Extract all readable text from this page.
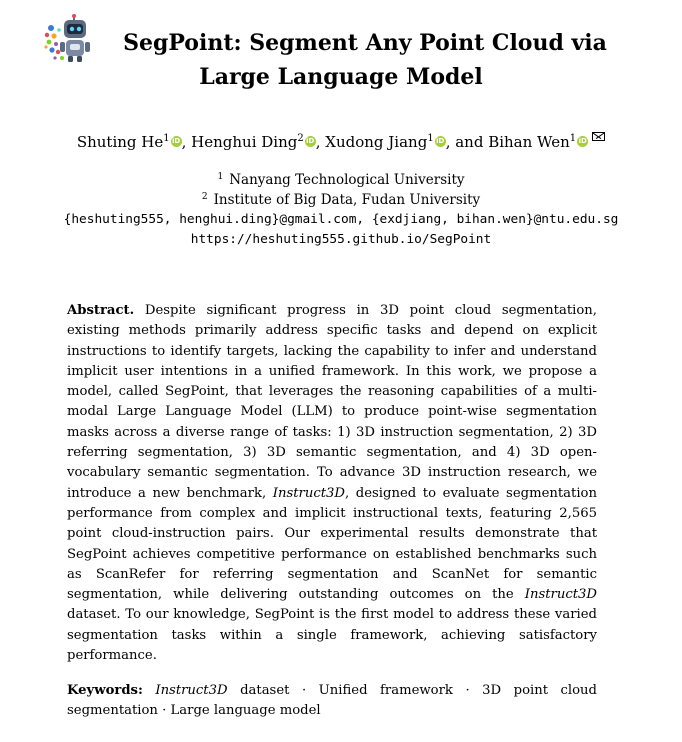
SegPoint: Segment Any Point Cloud via
Large Language Model
Shuting He$^1$ iD, Henghui Ding$^2$ iD, Xudong Jiang$^1$ iD, and Bihan Wen$^1$ iD
$^1$ Nanyang Technological University
$^2$ Institute of Big Data, Fudan University
{heshuting555, henghui.ding}@gmail.com, {exdjiang, bihan.wen}@ntu.edu.sg
https://heshuting555.github.io/SegPoint

Abstract. Despite significant progress in 3D point cloud segmentation, existing methods primarily address specific tasks and depend on explicit instructions to identify targets, lacking the capability to infer and understand implicit user intentions in a unified framework. In this work, we propose a model, called SegPoint, that leverages the reasoning capabilities of a multi-modal Large Language Model (LLM) to produce point-wise segmentation masks across a diverse range of tasks: 1) 3D instruction segmentation, 2) 3D referring segmentation, 3) 3D semantic segmentation, and 4) 3D open-vocabulary semantic segmentation. To advance 3D instruction research, we introduce a new benchmark, Instruct3D, designed to evaluate segmentation performance from complex and implicit instructional texts, featuring 2,565 point cloud-instruction pairs. Our experimental results demonstrate that SegPoint achieves competitive performance on established benchmarks such as ScanRefer for referring segmentation and ScanNet for semantic segmentation, while delivering outstanding outcomes on the Instruct3D dataset. To our knowledge, SegPoint is the first model to address these varied segmentation tasks within a single framework, achieving satisfactory performance.

Keywords: Instruct3D dataset · Unified framework · 3D point cloud
segmentation · Large language model
